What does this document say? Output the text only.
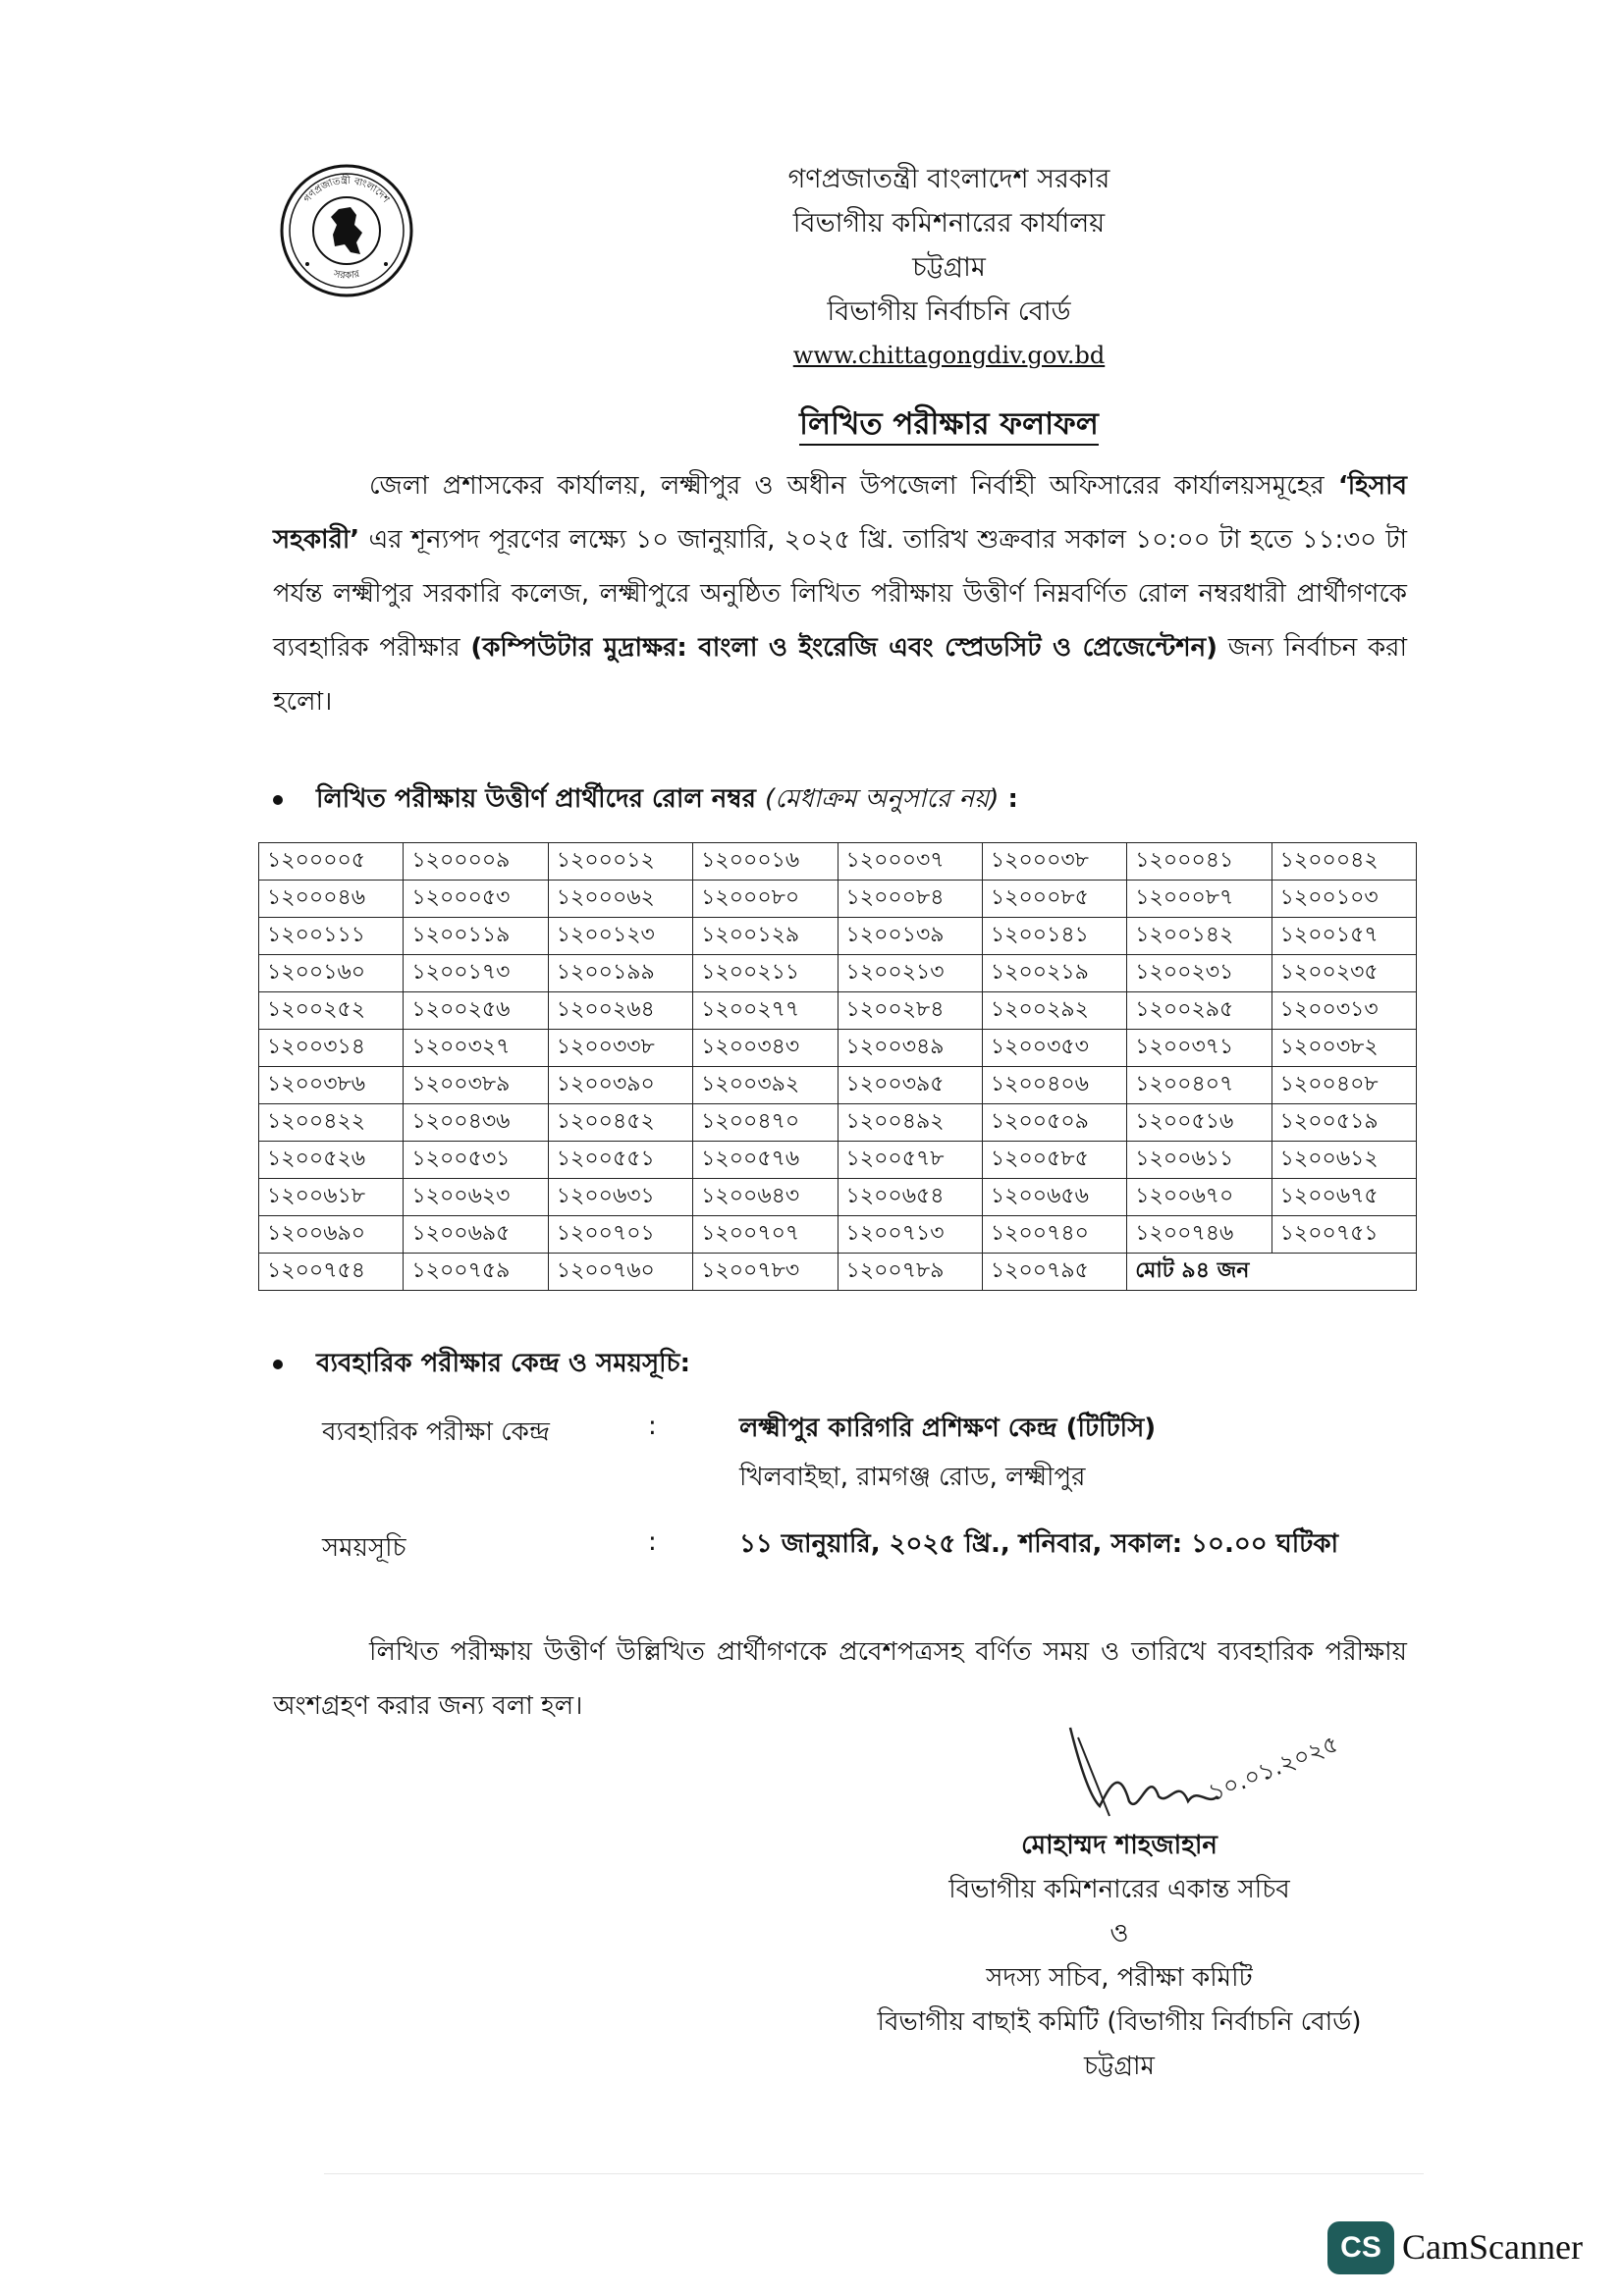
গণপ্রজাতন্ত্রী বাংলাদেশ
সরকার
গণপ্রজাতন্ত্রী বাংলাদেশ সরকার
বিভাগীয় কমিশনারের কার্যালয়
চট্টগ্রাম
বিভাগীয় নির্বাচনি বোর্ড
www.chittagongdiv.gov.bd
লিখিত পরীক্ষার ফলাফল
জেলা প্রশাসকের কার্যালয়, লক্ষ্মীপুর ও অধীন উপজেলা নির্বাহী অফিসারের কার্যালয়সমূহের ‘হিসাব সহকারী’ এর শূন্যপদ পূরণের লক্ষ্যে ১০ জানুয়ারি, ২০২৫ খ্রি. তারিখ শুক্রবার সকাল ১০:০০ টা হতে ১১:৩০ টা পর্যন্ত লক্ষ্মীপুর সরকারি কলেজ, লক্ষ্মীপুরে অনুষ্ঠিত লিখিত পরীক্ষায় উত্তীর্ণ নিম্নবর্ণিত রোল নম্বরধারী প্রার্থীগণকে ব্যবহারিক পরীক্ষার (কম্পিউটার মুদ্রাক্ষর: বাংলা ও ইংরেজি এবং স্প্রেডসিট ও প্রেজেন্টেশন) জন্য নির্বাচন করা হলো।
লিখিত পরীক্ষায় উত্তীর্ণ প্রার্থীদের রোল নম্বর (মেধাক্রম অনুসারে নয়) :
১২০০০০৫	১২০০০০৯	১২০০০১২	১২০০০১৬	১২০০০৩৭	১২০০০৩৮	১২০০০৪১	১২০০০৪২
১২০০০৪৬	১২০০০৫৩	১২০০০৬২	১২০০০৮০	১২০০০৮৪	১২০০০৮৫	১২০০০৮৭	১২০০১০৩
১২০০১১১	১২০০১১৯	১২০০১২৩	১২০০১২৯	১২০০১৩৯	১২০০১৪১	১২০০১৪২	১২০০১৫৭
১২০০১৬০	১২০০১৭৩	১২০০১৯৯	১২০০২১১	১২০০২১৩	১২০০২১৯	১২০০২৩১	১২০০২৩৫
১২০০২৫২	১২০০২৫৬	১২০০২৬৪	১২০০২৭৭	১২০০২৮৪	১২০০২৯২	১২০০২৯৫	১২০০৩১৩
১২০০৩১৪	১২০০৩২৭	১২০০৩৩৮	১২০০৩৪৩	১২০০৩৪৯	১২০০৩৫৩	১২০০৩৭১	১২০০৩৮২
১২০০৩৮৬	১২০০৩৮৯	১২০০৩৯০	১২০০৩৯২	১২০০৩৯৫	১২০০৪০৬	১২০০৪০৭	১২০০৪০৮
১২০০৪২২	১২০০৪৩৬	১২০০৪৫২	১২০০৪৭০	১২০০৪৯২	১২০০৫০৯	১২০০৫১৬	১২০০৫১৯
১২০০৫২৬	১২০০৫৩১	১২০০৫৫১	১২০০৫৭৬	১২০০৫৭৮	১২০০৫৮৫	১২০০৬১১	১২০০৬১২
১২০০৬১৮	১২০০৬২৩	১২০০৬৩১	১২০০৬৪৩	১২০০৬৫৪	১২০০৬৫৬	১২০০৬৭০	১২০০৬৭৫
১২০০৬৯০	১২০০৬৯৫	১২০০৭০১	১২০০৭০৭	১২০০৭১৩	১২০০৭৪০	১২০০৭৪৬	১২০০৭৫১
১২০০৭৫৪	১২০০৭৫৯	১২০০৭৬০	১২০০৭৮৩	১২০০৭৮৯	১২০০৭৯৫	মোট ৯৪ জন	
ব্যবহারিক পরীক্ষার কেন্দ্র ও সময়সূচি:
ব্যবহারিক পরীক্ষা কেন্দ্র	:	লক্ষ্মীপুর কারিগরি প্রশিক্ষণ কেন্দ্র (টিটিসি)
খিলবাইছা, রামগঞ্জ রোড, লক্ষ্মীপুর
সময়সূচি	:	১১ জানুয়ারি, ২০২৫ খ্রি., শনিবার, সকাল: ১০.০০ ঘটিকা
লিখিত পরীক্ষায় উত্তীর্ণ উল্লিখিত প্রার্থীগণকে প্রবেশপত্রসহ বর্ণিত সময় ও তারিখে ব্যবহারিক পরীক্ষায় অংশগ্রহণ করার জন্য বলা হল।
১০.০১.২০২৫
মোহাম্মদ শাহজাহান
বিভাগীয় কমিশনারের একান্ত সচিব
ও
সদস্য সচিব, পরীক্ষা কমিটি
বিভাগীয় বাছাই কমিটি (বিভাগীয় নির্বাচনি বোর্ড)
চট্টগ্রাম
CS CamScanner
